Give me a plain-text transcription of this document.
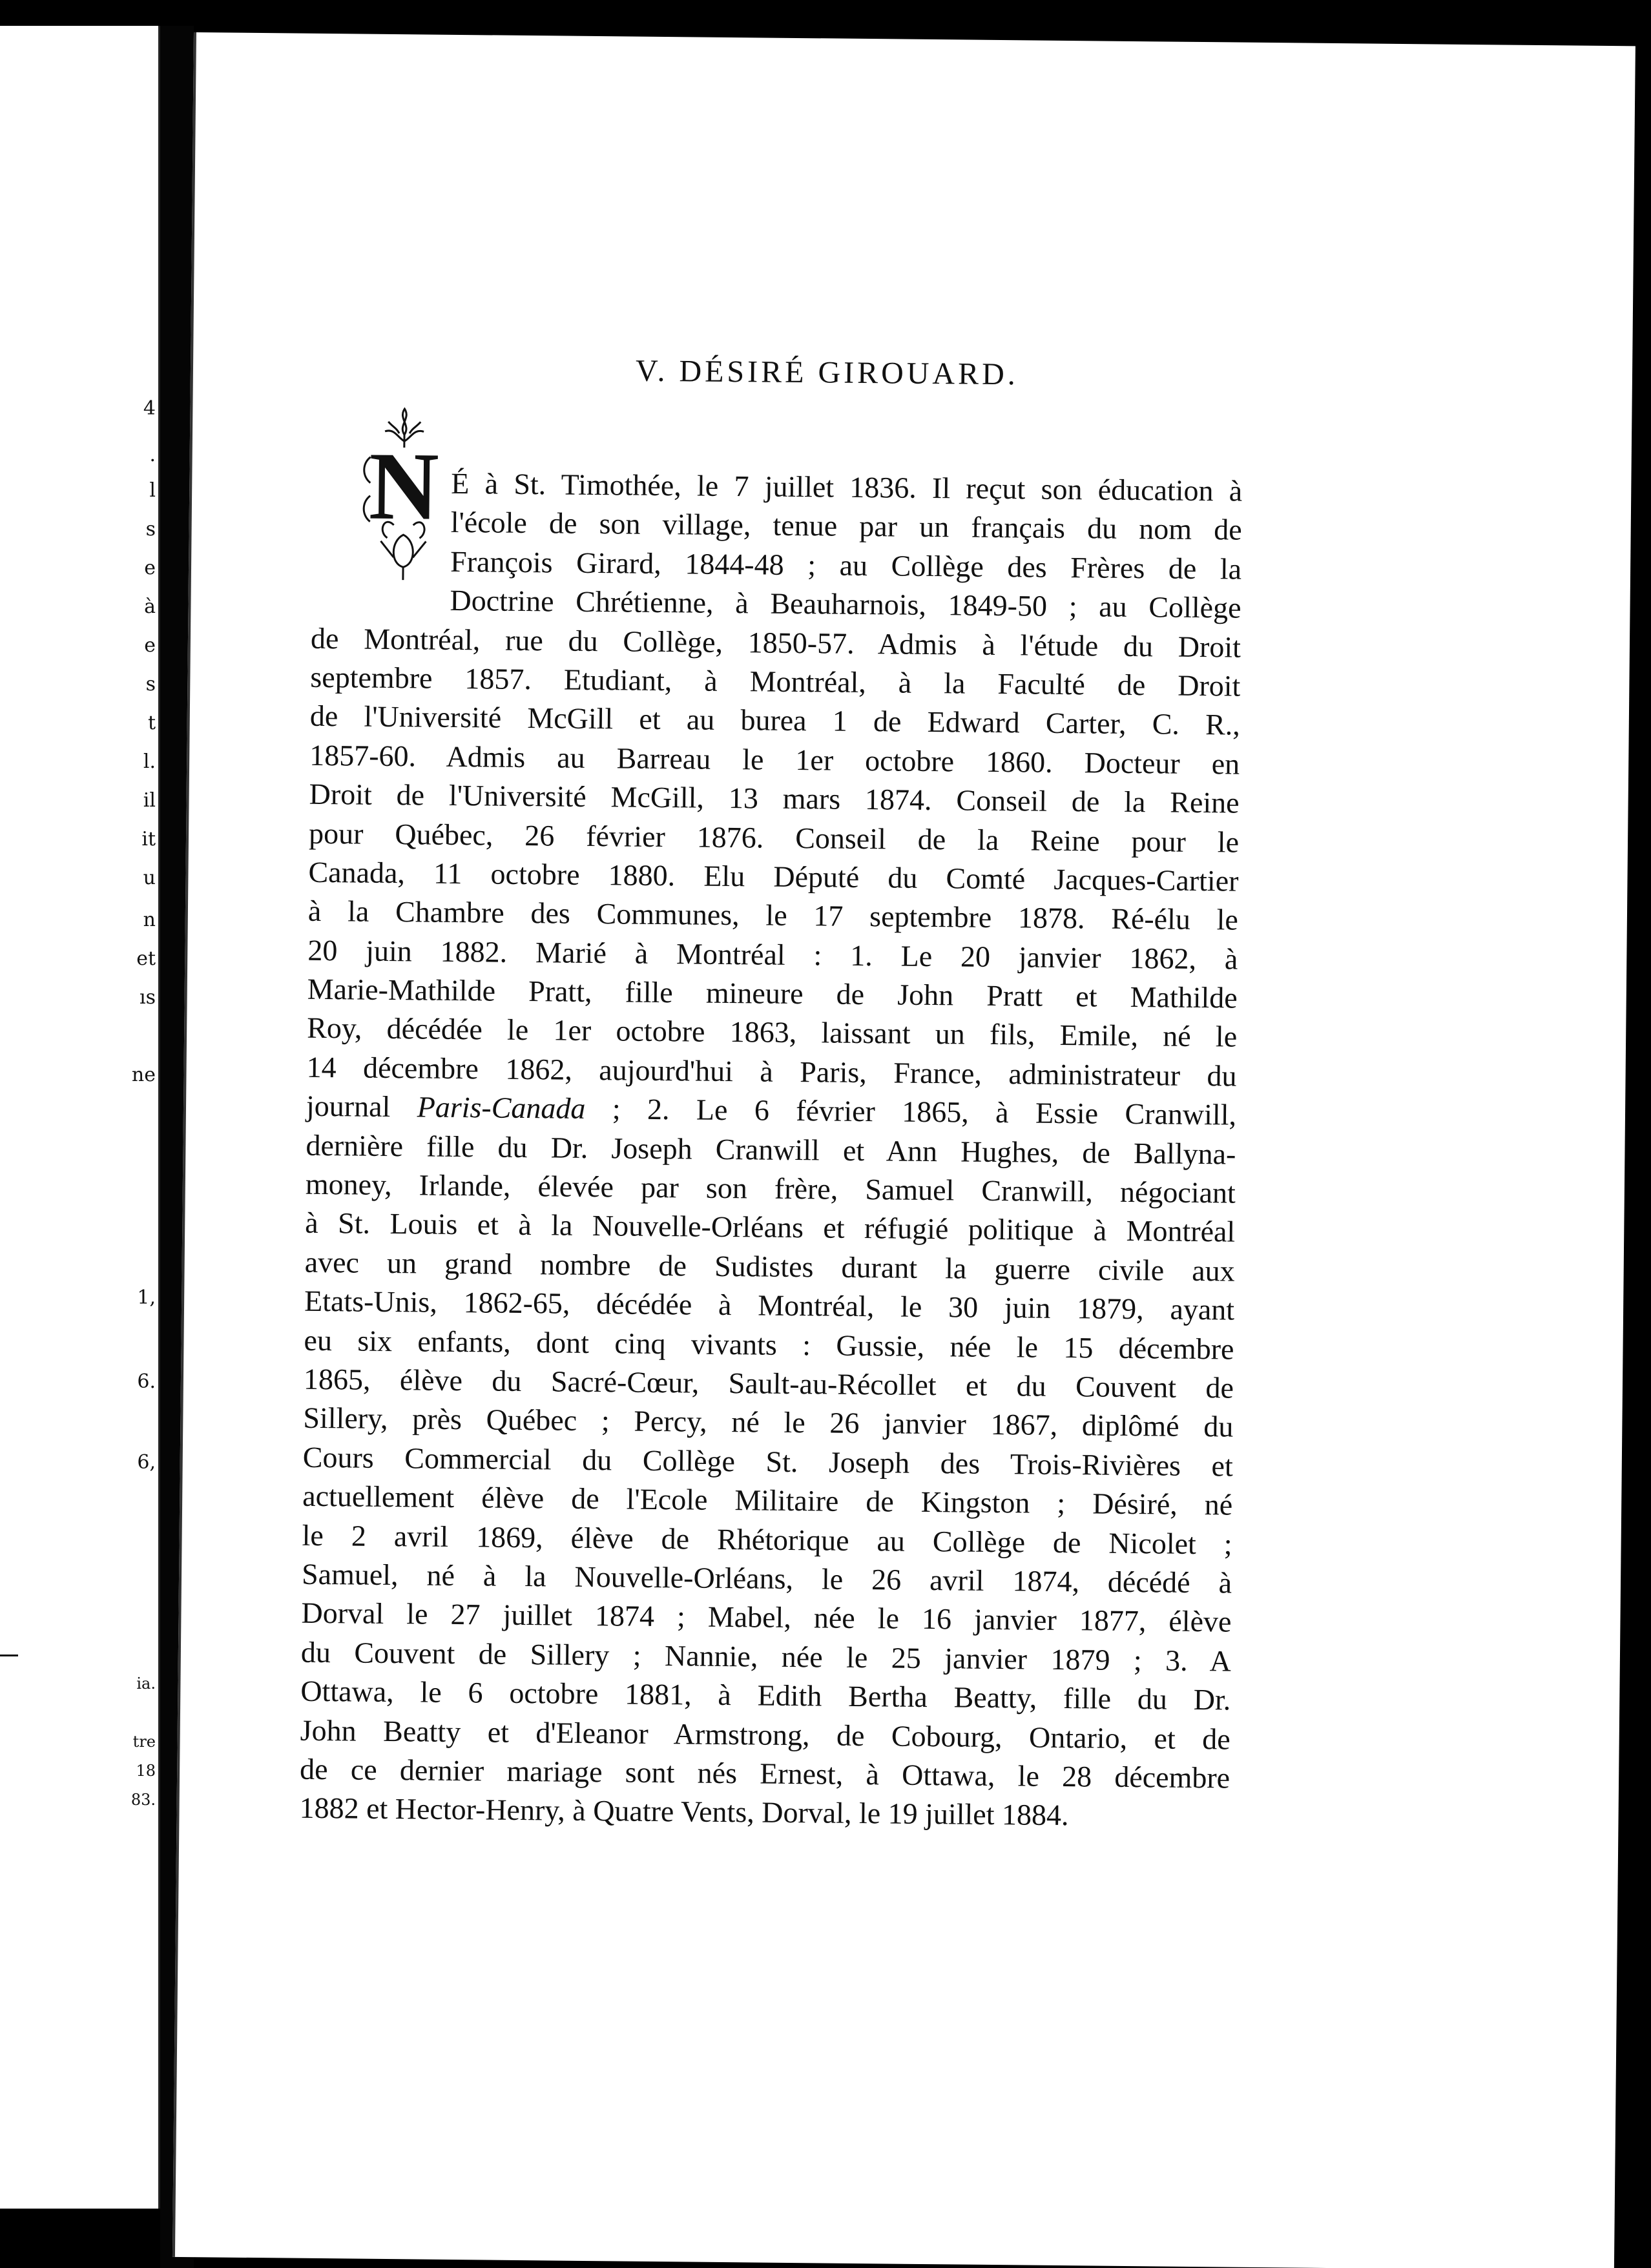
4
.
l
s
e
à
e
s
t
l.
il
it
u
n
et
ıs
ne
1,
6.
6,
ia.
tre
18
83.
V. DÉSIRÉ GIROUARD.
N É à St. Timothée, le 7 juillet 1836. Il reçut son éducation à
l'école de son village, tenue par un français du nom de
François Girard, 1844-48 ; au Collège des Frères de la
Doctrine Chrétienne, à Beauharnois, 1849-50 ; au Collège
de Montréal, rue du Collège, 1850-57. Admis à l'étude du Droit
septembre 1857. Etudiant, à Montréal, à la Faculté de Droit
de l'Université McGill et au burea 1 de Edward Carter, C. R.,
1857-60. Admis au Barreau le 1er octobre 1860. Docteur en
Droit de l'Université McGill, 13 mars 1874. Conseil de la Reine
pour Québec, 26 février 1876. Conseil de la Reine pour le
Canada, 11 octobre 1880. Elu Député du Comté Jacques-Cartier
à la Chambre des Communes, le 17 septembre 1878. Ré-élu le
20 juin 1882. Marié à Montréal : 1. Le 20 janvier 1862, à
Marie-Mathilde Pratt, fille mineure de John Pratt et Mathilde
Roy, décédée le 1er octobre 1863, laissant un fils, Emile, né le
14 décembre 1862, aujourd'hui à Paris, France, administrateur du
journal Paris-Canada ; 2. Le 6 février 1865, à Essie Cranwill,
dernière fille du Dr. Joseph Cranwill et Ann Hughes, de Ballyna-
money, Irlande, élevée par son frère, Samuel Cranwill, négociant
à St. Louis et à la Nouvelle-Orléans et réfugié politique à Montréal
avec un grand nombre de Sudistes durant la guerre civile aux
Etats-Unis, 1862-65, décédée à Montréal, le 30 juin 1879, ayant
eu six enfants, dont cinq vivants : Gussie, née le 15 décembre
1865, élève du Sacré-Cœur, Sault-au-Récollet et du Couvent de
Sillery, près Québec ; Percy, né le 26 janvier 1867, diplômé du
Cours Commercial du Collège St. Joseph des Trois-Rivières et
actuellement élève de l'Ecole Militaire de Kingston ; Désiré, né
le 2 avril 1869, élève de Rhétorique au Collège de Nicolet ;
Samuel, né à la Nouvelle-Orléans, le 26 avril 1874, décédé à
Dorval le 27 juillet 1874 ; Mabel, née le 16 janvier 1877, élève
du Couvent de Sillery ; Nannie, née le 25 janvier 1879 ; 3. A
Ottawa, le 6 octobre 1881, à Edith Bertha Beatty, fille du Dr.
John Beatty et d'Eleanor Armstrong, de Cobourg, Ontario, et de
de ce dernier mariage sont nés Ernest, à Ottawa, le 28 décembre
1882 et Hector-Henry, à Quatre Vents, Dorval, le 19 juillet 1884.
